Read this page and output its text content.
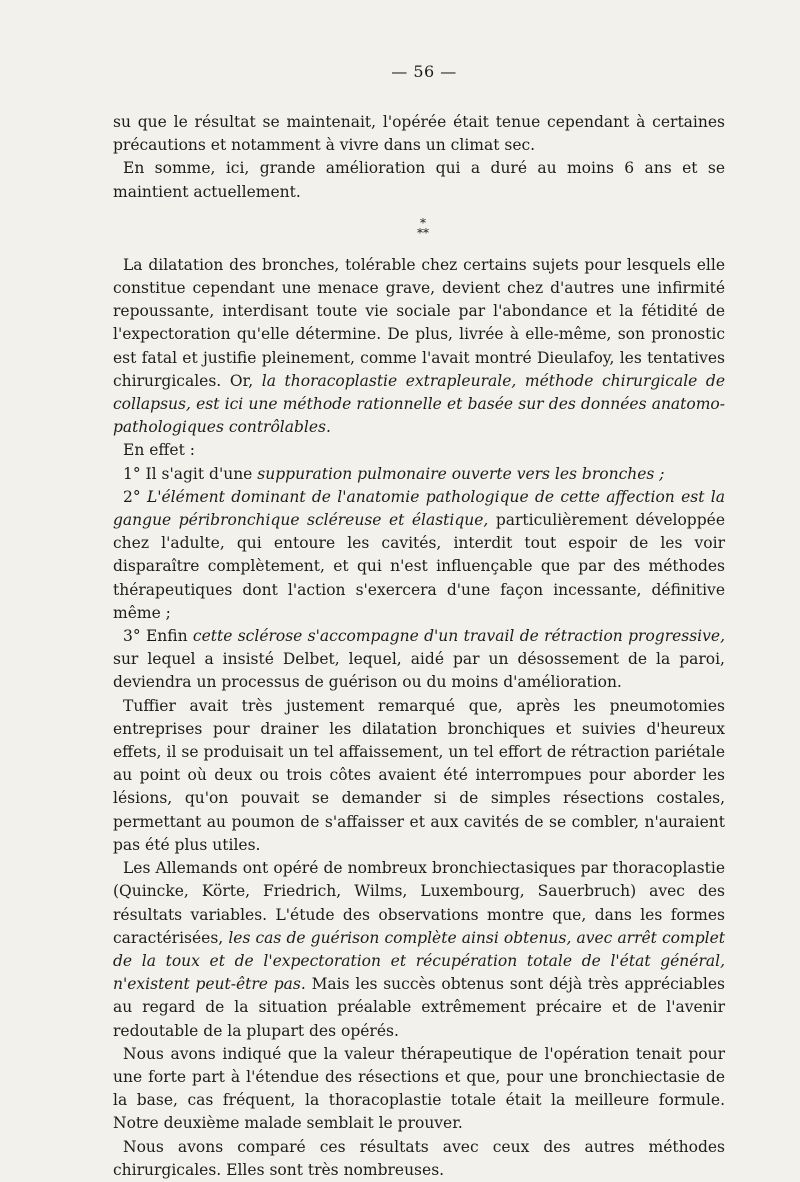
— 56 —

su que le résultat se maintenait, l'opérée était tenue cependant à certaines précautions et notamment à vivre dans un climat sec.

En somme, ici, grande amélioration qui a duré au moins 6 ans et se maintient actuellement.

*
**

La dilatation des bronches, tolérable chez certains sujets pour lesquels elle constitue cependant une menace grave, devient chez d'autres une infirmité repoussante, interdisant toute vie sociale par l'abondance et la fétidité de l'expectoration qu'elle détermine. De plus, livrée à elle-même, son pronostic est fatal et justifie pleinement, comme l'avait montré Dieulafoy, les tentatives chirurgicales. Or, la thoracoplastie extrapleurale, méthode chirurgicale de collapsus, est ici une méthode rationnelle et basée sur des données anatomo-pathologiques contrôlables.

En effet :

1° Il s'agit d'une suppuration pulmonaire ouverte vers les bronches ;

2° L'élément dominant de l'anatomie pathologique de cette affection est la gangue péribronchique scléreuse et élastique, particulièrement développée chez l'adulte, qui entoure les cavités, interdit tout espoir de les voir disparaître complètement, et qui n'est influençable que par des méthodes thérapeutiques dont l'action s'exercera d'une façon incessante, définitive même ;

3° Enfin cette sclérose s'accompagne d'un travail de rétraction progressive, sur lequel a insisté Delbet, lequel, aidé par un désossement de la paroi, deviendra un processus de guérison ou du moins d'amélioration.

Tuffier avait très justement remarqué que, après les pneumotomies entreprises pour drainer les dilatation bronchiques et suivies d'heureux effets, il se produisait un tel affaissement, un tel effort de rétraction pariétale au point où deux ou trois côtes avaient été interrompues pour aborder les lésions, qu'on pouvait se demander si de simples résections costales, permettant au poumon de s'affaisser et aux cavités de se combler, n'auraient pas été plus utiles.

Les Allemands ont opéré de nombreux bronchiectasiques par thoracoplastie (Quincke, Körte, Friedrich, Wilms, Luxembourg, Sauerbruch) avec des résultats variables. L'étude des observations montre que, dans les formes caractérisées, les cas de guérison complète ainsi obtenus, avec arrêt complet de la toux et de l'expectoration et récupération totale de l'état général, n'existent peut-être pas. Mais les succès obtenus sont déjà très appréciables au regard de la situation préalable extrêmement précaire et de l'avenir redoutable de la plupart des opérés.

Nous avons indiqué que la valeur thérapeutique de l'opération tenait pour une forte part à l'étendue des résections et que, pour une bronchiectasie de la base, cas fréquent, la thoracoplastie totale était la meilleure formule. Notre deuxième malade semblait le prouver.

Nous avons comparé ces résultats avec ceux des autres méthodes chirurgicales. Elles sont très nombreuses.
